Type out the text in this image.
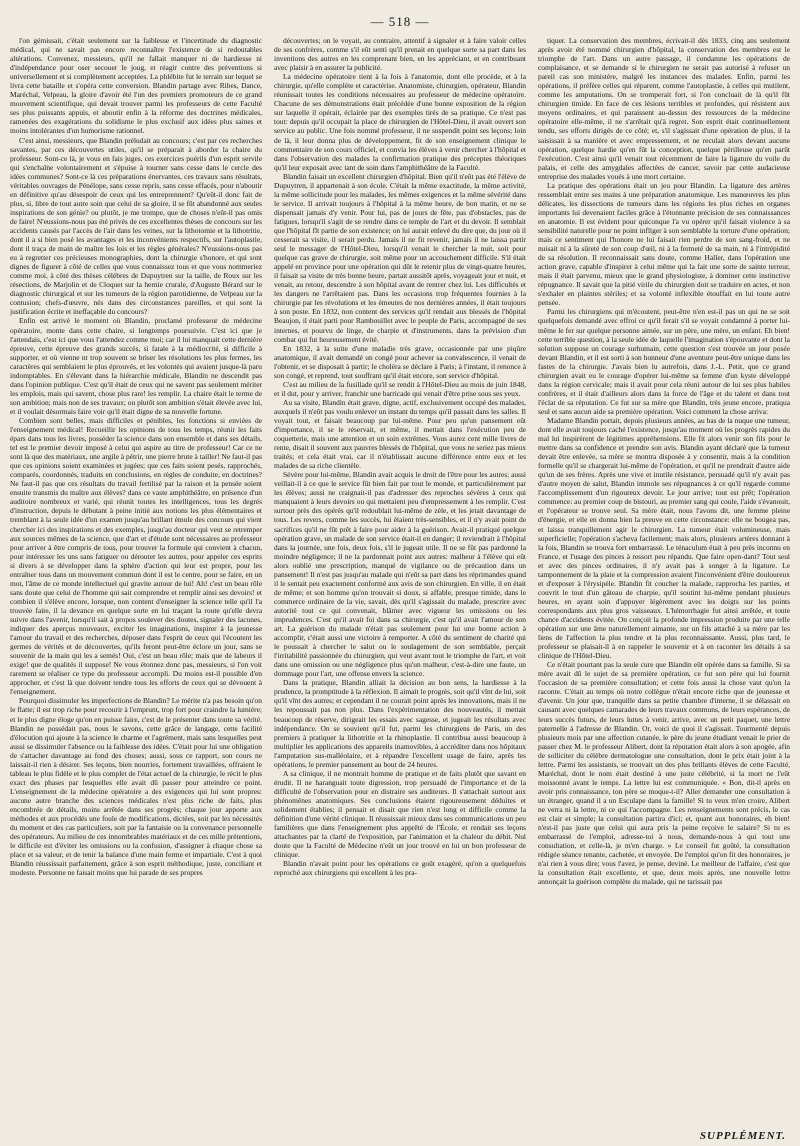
— 518 —

l'on gémissait, c'était seulement sur la faiblesse et l'incertitude du diagnostic médical, qui ne savait pas encore reconnaître l'existence de si redoutables altérations. Convenez, messieurs, qu'il ne fallait manquer ni de hardiesse ni d'indépendance pour oser secouer le joug, et réagir contre des préventions si universellement et si complètement acceptées. La phlébite fut le terrain sur lequel se livra cette bataille et s'opéra cette conversion. Blandin partage avec Ribes, Dance, Maréchal, Velpeau, la gloire d'avoir été l'un des premiers promoteurs de ce grand mouvement scientifique, qui devait trouver parmi les professeurs de cette Faculté ses plus puissants appuis, et aboutir enfin à la réforme des doctrines médicales, ramenées des exagérations du solidisme le plus exclusif aux idées plus saines et moins intolérantes d'un humorisme rationnel.

C'est ainsi, messieurs, que Blandin préludait au concours; c'est par ces recherches savantes, par ces découvertes utiles, qu'il se préparait à aborder la chaire du professeur. Sont-ce là, je vous en fais juges, ces exercices puérils d'un esprit servile qui s'enchaîne volontairement et s'épuise à tourner sans cesse dans le cercle des idées communes? Sont-ce là ces préparations énervantes, ces travaux sans résultats, véritables ouvrages de Pénélope, sans cesse repris, sans cesse effacés, pour n'aboutir en définitive qu'au désespoir de ceux qui les entreprennent? Qu'eût-il donc fait de plus, si, libre de tout autre soin que celui de sa gloire, il se fût abandonné aux seules inspirations de son génie? ou plutôt, je me trompe, que de choses n'eût-il pas omis de faire! N'eussions-nous pas été privés de ces excellentes thèses de concours sur les accidents causés par l'accès de l'air dans les veines, sur la lithotomie et la lithotritie, dont il a si bien posé les avantages et les inconvénients respectifs, sur l'autoplastie, dont il traça de main de maître les lois et les règles générales? N'eussions-nous pas eu à regretter ces précieuses monographies, dont la chirurgie s'honore, et qui sont dignes de figurer à côté de celles que vous connaissez tous et que vous nommeriez comme moi, à côté des thèses célèbres de Dupuytren sur la taille, de Roux sur les résections, de Marjolin et de Cloquet sur la hernie crurale, d'Auguste Bérard sur le diagnostic chirurgical et sur les tumeurs de la région parotidienne, de Velpeau sur la contusion; chefs-d'œuvre, nés dans des circonstances pareilles, et qui sont la justification écrite et ineffaçable du concours?

Enfin est arrivé le moment où Blandin, proclamé professeur de médecine opératoire, monte dans cette chaire, si longtemps poursuivie. C'est ici que je l'attendais, c'est ici que vous l'attendez comme moi; car il lui manquait cette dernière épreuve, cette épreuve des grands succès, si fatale à la médiocrité, si difficile à supporter, et où vienne nt trop souvent se briser les résolutions les plus fermes, les caractères qui semblaient le plus éprouvés, et les volontés qui avaient jusque-là paru indomptables. En s'élevant dans la hiérarchie médicale, Blandin ne descendit pas dans l'opinion publique. C'est qu'il était de ceux qui ne savent pas seulement mériter les emplois, mais qui savent, chose plus rare! les remplir. La chaire était le terme de son ambition; mais non de ses travaux; ou plutôt son ambition s'était élevée avec lui, et il voulait désormais faire voir qu'il était digne de sa nouvelle fortune.

Combien sont belles, mais difficiles et pénibles, les fonctions si enviées de l'enseignement médical! Recueillir les opinions de tous les temps, réunir les faits épars dans tous les livres, posséder la science dans son ensemble et dans ses détails, tel est le premier devoir imposé à celui qui aspire au titre de professeur! Car ce ne sont là que des matériaux, une argile à pétrir, une pierre brute à tailler! Ne faut-il pas que ces opinions soient examinées et jugées; que ces faits soient pesés, rapprochés, comparés, coordonnés, traduits en conclusions, en règles de conduite, en doctrines? Ne faut-il pas que ces résultats du travail fertilisé par la raison et la pensée soient ensuite transmis du maître aux élèves? dans ce vaste amphithéâtre, en présence d'un auditoire nombreux et varié, qui réunit toutes les intelligences, tous les degrés d'instruction, depuis le débutant à peine initié aux notions les plus élémentaires et tremblant à la seule idée d'un examen jusqu'au brillant émule des concours qui vient chercher ici des inspirations et des exemples, jusqu'au docteur qui veut se retremper aux sources mêmes de la science, que d'art et d'étude sont nécessaires au professeur pour arriver à être compris de tous, pour trouver la formule qui convient à chacun, pour intéresser les uns sans fatiguer ou dérouter les autres, pour appeler ces esprits si divers à se développer dans la sphère d'action qui leur est propre, pour les entraîner tous dans un mouvement commun dont il est le centre, pour se faire, en un mot, l'âme de ce monde intellectuel qui gravite autour de lui! Ah! c'est un beau rôle sans doute que celui de l'homme qui sait comprendre et remplir ainsi ses devoirs! et combien il s'élève encore, lorsque, non content d'enseigner la science telle qu'il l'a trouvée faite, il la devance en quelque sorte en lui traçant la route qu'elle devra suivre dans l'avenir, lorsqu'il sait à propos soulever des doutes, signaler des lacunes, indiquer des aperçus nouveaux, exciter les imaginations, inspirer à la jeunesse l'amour du travail et des recherches, déposer dans l'esprit de ceux qui l'écoutent les germes de vérités et de découvertes, qu'ils feront peut-être éclore un jour, sans se souvenir de la main qui les a semés! Oui, c'est un beau rôle; mais que de labeurs il exige! que de qualités il suppose! Ne vous étonnez donc pas, messieurs, si l'on voit rarement se réaliser ce type du professeur accompli. Du moins est-il possible d'en approcher, et c'est là que doivent tendre tous les efforts de ceux qui se dévouent à l'enseignement.

Pourquoi dissimuler les imperfections de Blandin? Le mérite n'a pas besoin qu'on le flatte; il est trop riche pour recourir à l'emprunt, trop fort pour craindre la lumière; et le plus digne éloge qu'on en puisse faire, c'est de le présenter dans toute sa vérité. Blandin ne possédait pas, nous le savons, cette grâce de langage, cette facilité d'élocution qui ajoute à la science le charme et l'agrément, mais sans lesquelles peut aussi se dissimuler l'absence ou la faiblesse des idées. C'était pour lui une obligation de s'attacher davantage au fond des choses; aussi, sous ce rapport, son cours ne laissait-il rien à désirer. Ses leçons, bien nourries, fortement travaillées, offraient le tableau le plus fidèle et le plus complet de l'état actuel de la chirurgie, le récit le plus exact des phases par lesquelles elle avait dû passer pour atteindre ce point. L'enseignement de la médecine opératoire a des exigences qui lui sont propres: aucune autre branche des sciences médicales n'est plus riche de faits, plus encombrée de détails, moins arrêtée dans ses progrès; chaque jour apporte aux méthodes et aux procédés une foule de modifications, dictées, soit par les nécessités du moment et des cas particuliers, soit par la fantaisie ou la convenance personnelle des opérateurs. Au milieu de ces innombrables matériaux et de ces mille prétentions, le difficile est d'éviter les omissions ou la confusion, d'assigner à chaque chose sa place et sa valeur, et de tenir la balance d'une main ferme et impartiale. C'est à quoi Blandin réussissait parfaitement, grâce à son esprit méthodique, juste, conciliant et modeste. Personne ne faisait moins que lui parade de ses propres

découvertes; on le voyait, au contraire, attentif à signaler et à faire valoir celles de ses confrères, comme s'il eût senti qu'il prenait en quelque sorte sa part dans les inventions des autres en les comprenant bien, en les appréciant, et en contribuant avec plaisir à en assurer la publicité.

La médecine opératoire tient à la fois à l'anatomie, dont elle procède, et à la chirurgie, qu'elle complète et caractérise. Anatomiste, chirurgien, opérateur, Blandin réunissait toutes les conditions nécessaires au professeur de médecine opératoire. Chacune de ses démonstrations était précédée d'une bonne exposition de la région sur laquelle il opérait, éclairée par des exemples tirés de sa pratique. Ce n'est pas tout: depuis qu'il occupait la place de chirurgien de l'Hôtel-Dieu, il avait ouvert son service au public. Une fois nommé professeur, il ne suspendit point ses leçons; loin de là, il leur donna plus de développement, fit de son enseignement clinique le commentaire de son cours officiel, et convia les élèves à venir chercher à l'hôpital et dans l'observation des malades la confirmation pratique des préceptes théoriques qu'il leur exposait avec tant de soin dans l'amphithéâtre de la Faculté.

Blandin faisait un excellent chirurgien d'hôpital. Bien qu'il n'eût pas été l'élève de Dupuytren, il appartenait à son école. C'était la même exactitude, la même activité, la même sollicitude pour les malades, les mêmes exigences et la même sévérité dans le service. Il arrivait toujours à l'hôpital à la même heure, de bon matin, et ne se dispensait jamais d'y venir. Pour lui, pas de jours de fête, pas d'obstacles, pas de fatigues, lorsqu'il s'agit de se rendre dans ce temple de l'art et du devoir. Il semblait que l'hôpital fît partie de son existence; on lui aurait enlevé du dire que, du jour où il cesserait sa visite, il serait perdu. Jamais il ne fit revenir, jamais il ne laissa partir seul le messager de l'Hôtel-Dieu, lorsqu'il venait le chercher la nuit, soit pour quelque cas grave de chirurgie, soit même pour un accouchement difficile. S'il était appelé en province pour une opération qui dût le retenir plus de vingt-quatre heures, il faisait sa visite de très bonne heure, partait aussitôt après, voyageait jour et nuit, et venait, au retour, descendre à son hôpital avant de rentrer chez lui. Les difficultés et les dangers ne l'arrêtaient pas. Dans les occasions trop fréquentes fournies à la chirurgie par les révolutions et les émeutes de nos dernières années, il était toujours à son poste. En 1832, non content des services qu'il rendait aux blessés de l'hôpital Beaujon, il était parti pour Rambouillet avec le peuple de Paris, accompagné de ses internes, et pourvu de linge, de charpie et d'instruments, dans la prévision d'un combat qui fut heureusement évité.

En 1832, à la suite d'une maladie très grave, occasionnée par une piqûre anatomique, il avait demandé un congé pour achever sa convalescence, il venait de l'obtenir, et se disposait à partir; le choléra se déclare à Paris; à l'instant, il renonce à son congé, et reprend, tout souffrant qu'il était encore, son service d'hôpital.

C'est au milieu de la fusillade qu'il se rendit à l'Hôtel-Dieu au mois de juin 1848, et il dut, pour y arriver, franchir une barricade qui venait d'être prise sous ses yeux.

Au sa visite, Blandin était grave, digne, actif, exclusivement occupé des malades, auxquels il n'eût pas voulu enlever un instant du temps qu'il passait dans les salles. Il voyait tout, et faisait beaucoup par lui-même. Pour peu qu'un pansement eût d'importance, il se le réservait, et même, il mettait dans l'exécution peu de coquetterie, mais une attention et un soin extrêmes. Vous aurez cent mille livres de rente, disait il souvent aux pauvres blessés de l'hôpital, que vous ne seriez pas mieux traités; et cela était vrai, car il n'établissait aucune différence entre eux et les malades de sa riche clientèle.

Sévère pour lui-même, Blandin avait acquis le droit de l'être pour les autres: aussi veillait-il à ce que le service fût bien fait par tout le monde, et particulièrement par les élèves; aussi ne craignait-il pas d'adresser des reproches sévères à ceux qui manquaient à leurs devoirs ou qui mettaient peu d'empressement à les remplir. C'est surtout près des opérés qu'il redoublait lui-même de zèle, et les jetait davantage de tous. Les revers, comme les succès, lui étaient très-sensibles, et il n'y avait point de sacrifices qu'il ne fût prêt à faire pour aider à la guérison. Avait-il pratiqué quelque opération grave, un malade de son service était-il en danger; il reviendrait à l'hôpital dans la journée, une fois, deux fois, s'il le jugeait utile. Il ne se fût pas pardonné la moindre négligence; il ne la pardonnait point aux autres: malheur à l'élève qui eût alors oublié une prescription, manqué de vigilance ou de précaution dans un pansement! Il n'est pas jusqu'au malade qui n'eût sa part dans les réprimandes quand il le sentait peu exactement conformé aux avis de son chirurgien. En ville, il en était de même; et son homme qu'on trouvait si doux, si affable, presque timide, dans le commerce ordinaire de la vie, savait, dès qu'il s'agissait du malade, prescrire avec autorité tout ce qui convenait, blâmer avec vigueur les omissions ou les imprudences. C'est qu'il avait foi dans sa chirurgie, c'est qu'il avait l'amour de son art. La guérison du malade n'était pas seulement pour lui une bonne action à accomplir, c'était aussi une victoire à remporter. A côté du sentiment de charité qui le poussait à chercher le salut ou le soulagement de son semblable, perçait l'irritabilité passionnée du chirurgien, qui veut avant tout le triomphe de l'art, et voit dans une omission ou une négligence plus qu'un malheur, c'est-à-dire une faute, un dommage pour l'art, une offense envers la science.

Dans la pratique, Blandin alliait la décision au bon sens, la hardiesse à la prudence, la promptitude à la réflexion. Il aimait le progrès, soit qu'il vînt de lui, soit qu'il vînt des autres; et cependant il ne courait point après les innovations, mais il ne les repoussait pas non plus. Dans l'expérimentation des nouveautés, il mettait beaucoup de réserve, dirigeait les essais avec sagesse, et jugeait les résultats avec indépendance. On se souvient qu'il fut, parmi les chirurgiens de Paris, un des premiers à pratiquer la lithotritie et la rhinoplastie. Il contribua aussi beaucoup à multiplier les applications des appareils inamovibles, à accréditer dans nos hôpitaux l'amputation sus-malléolaire, et à répandre l'excellent usage de faire, après les opérations, le premier pansement au bout de 24 heures.

A sa clinique, il ne montrait homme de pratique et de faits plutôt que savant en érudit. Il ne haranguait toute digression, trop persuadé de l'importance et de la difficulté de l'observation pour en distraire ses auditeurs. Il s'attachait surtout aux phénomènes anatomiques. Ses conclusions étaient rigoureusement déduites et solidement établies; il pensait et disait que rien n'est long et difficile comme la définition d'une vérité clinique. Il réussissait mieux dans ses communications un peu familières que dans l'enseignement plus apprêté de l'École, et rendait ses leçons attachantes par la clarté de l'exposition, par l'animation et la chaleur du débit. Nul doute que la Faculté de Médecine n'eût un jour trouvé en lui un bon professeur de clinique.

Blandin n'avait point pour les opérations ce goût exagéré, qu'on a quelquefois reproché aux chirurgiens qui excellent à les pra-

tiquer. La conservation des membres, écrivait-il dès 1833, cinq ans seulement après avoir été nommé chirurgien d'hôpital, la conservation des membres est le triomphe de l'art. Dans un autre passage, il condamne les opérations de complaisance, et se demande si le chirurgien ne serait pas autorisé à refuser un pareil cas son ministère, malgré les instances des malades. Enfin, parmi les opérations, il préfère celles qui réparent, comme l'autoplastie, à celles qui mutilent, comme les amputations. On se tromperait fort, si l'on concluait de là qu'il fût chirurgien timide. En face de ces lésions terribles et profondes, qui résistent aux moyens ordinaires, et qui paraissent au-dessus des ressources de la médecine opératoire elle-même, il ne s'arrêtait qu'à regret. Son esprit était continuellement tendu, ses efforts dirigés de ce côté; et, s'il s'agissait d'une opération de plus, il la saisissait à sa manière et avec empressement, et ne reculait alors devant aucune opération, quelque hardie qu'en fût la conception, quelque périlleuse qu'en parût l'exécution. C'est ainsi qu'il venait tout récemment de faire la ligature du voile du palais, et celle des amygdales affectées de cancer, savoir par cette audacieuse entreprise des malades voués à une mort certaine.

La pratique des opérations était un jeu pour Blandin. La ligature des artères ressemblait entre ses mains à une préparation anatomique. Les manœuvres les plus délicates, les dissections de tumeurs dans les régions les plus riches en organes importants lui devenaient faciles grâce à l'étonnante précision de ses connaissances en anatomie. Il est évident pour quiconque l'a vu opérer qu'il faisait violence à sa sensibilité naturelle pour ne point infliger à son semblable la torture d'une opération; mais ce sentiment qui l'honore ne lui faisait rien perdre de son sang-froid, et ne nuisait ni à la sûreté de son coup d'œil, ni à la fermeté de sa main, ni à l'intrépidité de sa résolution. Il reconnaissait sans doute, comme Haller, dans l'opération une action grave, capable d'inspirer à celui même qui la fait une sorte de sainte terreur, mais il était parvenu, mieux que le grand physiologiste, à dominer cette instinctive répugnance. Il savait que la pitié virile du chirurgien doit se traduire en actes, et non s'exhaler en plaintes stériles; et sa volonté inflexible étouffait en lui toute autre pensée.

Parmi les chirurgiens qui m'écoutent, peut-être n'en est-il pas un qui ne se soit quelquefois demandé avec effroi ce qu'il ferait s'il se voyait condamné à porter lui-même le fer sur quelque personne aimée, sur un père, une mère, un enfant. Eh bien! cette terrible question, à la seule idée de laquelle l'imagination s'épouvante et dont la solution suppose un courage surhumain, cette question s'est trouvée un jour posée devant Blandin, et il est sorti à son honneur d'une aventure peut-être unique dans les fastes de la chirurgie. J'avais bien lu autrefois, dans J.-L. Petit, que ce grand chirurgien avait eu le courage d'opérer lui-même sa femme d'un kyste développé dans la région cervicale; mais il avait pour cela réuni autour de lui ses plus habiles confrères, et il était d'ailleurs alors dans la force de l'âge et du talent et dans tout l'éclat de sa réputation. Ce fut sur sa mère que Blandin, très jeune encore, pratiqua seul et sans aucun aide sa première opération. Voici comment la chose arriva:

Madame Blandin portait, depuis plusieurs années, au bas de la nuque une tumeur, dont elle avait toujours caché l'existence, jusqu'au moment où les progrès rapides du mal lui inspirèrent de légitimes appréhensions. Elle fit alors venir son fils pour le mettre dans sa confidence et prendre son avis. Blandin ayant déclaré que la tumeur devait être enlevée, sa mère se montra disposée à y consentir, mais à la condition formelle qu'il se chargerait lui-même de l'opération, et qu'il ne prendrait d'autre aide qu'un de ses frères. Après une vive et inutile résistance, persuadé qu'il n'y avait pas d'autre moyen de salut, Blandin immole ses répugnances à ce qu'il regarde comme l'accomplissement d'un rigoureux devoir. Le jour arrive; tout est prêt; l'opération commence: au premier coup de bistouri, au premier sang qui coule, l'aide s'évanouit, et l'opérateur se trouve seul. Sa mère était, nous l'avons dit, une femme pleine d'énergie, et elle en donna bien la preuve en cette circonstance: elle ne bougea pas, et laissa tranquillement agir le chirurgien. La tumeur était volumineuse, mais superficielle; l'opération s'acheva facilement; mais alors, plusieurs artères donnant à la fois, Blandin se trouva fort embarrassé. Le ténaculum était à peu près inconnu en France, et l'usage des pinces à ressort peu répandu. Que faire open-dant? Tout seul et avec des pinces ordinaires, il n'y avait pas à songer à la ligature. Le tamponnement de la plaie et la compression avaient l'inconvénient d'être douloureux et d'exposer à l'érysipèle. Blandin fit coucher la malade, rapprocha les parties, et couvrit le tout d'un gâteau de charpie, qu'il soutint lui-même pendant plusieurs heures, en ayant soin d'appuyer légèrement avec les doigts sur les points correspondants aux plus gros vaisseaux. L'hémorrhagie fut ainsi arrêtée, et toute chance d'accidents évitée. On conçoit la profonde impression produite par une telle opération sur une âme naturellement aimante, sur un fils attaché à sa mère par les liens de l'affection la plus tendre et la plus reconnaissante. Aussi, plus tard, le professeur se plaisait-il à en rappeler le souvenir et à en raconter les détails à sa clinique de l'Hôtel-Dieu.

Ce n'était pourtant pas la seule cure que Blandin eût opérée dans sa famille. Si sa mère avait dû le sujet de sa première opération, ce fut son père qui lui fournit l'occasion de sa première consultation; et cette fois aussi la chose vaut qu'on la raconte. C'était au temps où notre collègue n'était encore riche que de jeunesse et d'avenir. Un jour que, tranquille dans sa petite chambre d'interne, il se délassait en causant avec quelques camarades de leurs travaux communs, de leurs espérances, de leurs succès futurs, de leurs luttes à venir, arrive, avec un petit paquet, une lettre paternelle à l'adresse de Blandin. Or, voici de quoi il s'agissait. Tourmenté depuis plusieurs mois par une affection cutanée, le père du jeune étudiant venait le prier de passer chez M. le professeur Alibert, dont la réputation était alors à son apogée, afin de solliciter du célèbre dermatologue une consultation, dont le prix était joint à la lettre. Parmi les assistants, se trouvait un des plus brillants élèves de cette Faculté, Maréchal, dont le nom était destiné à une juste célébrité, si la mort ne l'eût moissonné avant le temps. La lettre lui est communiquée. « Bon, dit-il après en avoir pris connaissance, ton père se moque-t-il? Aller demander une consultation à un étranger, quand il a un Esculape dans la famille! Si tu veux m'en croire, Alibert ne verra ni la lettre, ni ce qui l'accompagne. Les renseignements sont précis, le cas est clair et simple; la consultation partira d'ici; et, quant aux honoraires, eh bien! n'est-il pas juste que celui qui aura pris la peine reçoive le salaire? Si tu es embarrassé de l'emploi, adresse-toi à nous, demande-nous à qui tout une consultation, et celle-là, je m'en charge. » Le conseil fut goûté, la consultation rédigée séance tenante, cachetée, et envoyée. De l'emploi qu'on fit des honoraires, je n'ai rien à vous dire; vous l'avez, je pense, deviné. Le meilleur de l'affaire, c'est que la consultation était excellente, et que, deux mois après, une nouvelle lettre annonçait la guérison complète du malade, qui ne tarissait pas

SUPPLÉMENT.
